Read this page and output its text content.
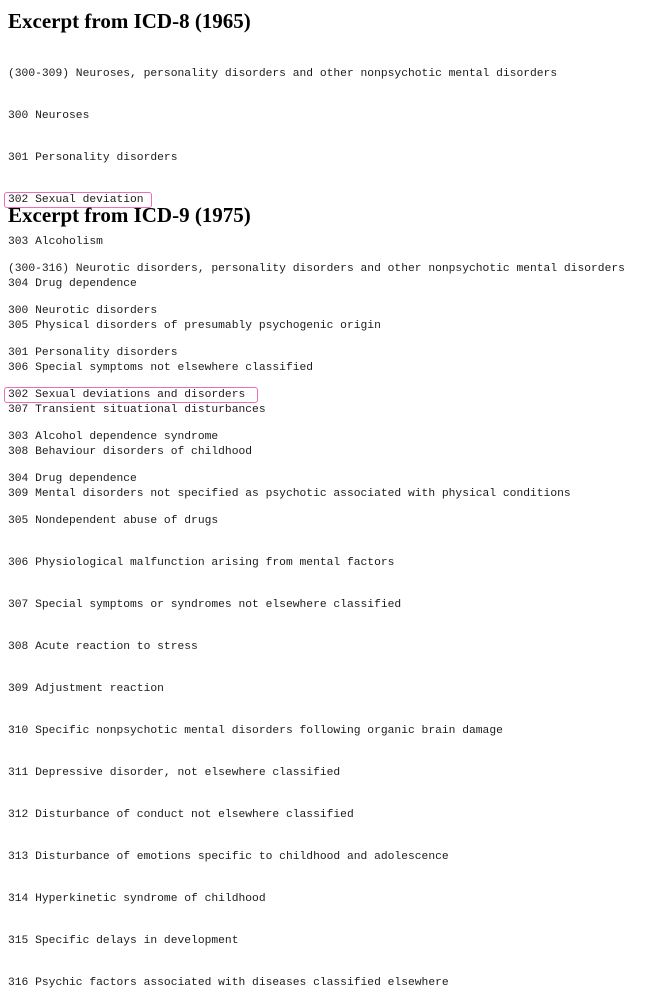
Excerpt from ICD-8 (1965)

(300-309) Neuroses, personality disorders and other nonpsychotic mental disorders

300 Neuroses

301 Personality disorders

302 Sexual deviation

303 Alcoholism

304 Drug dependence

305 Physical disorders of presumably psychogenic origin

306 Special symptoms not elsewhere classified

307 Transient situational disturbances

308 Behaviour disorders of childhood

309 Mental disorders not specified as psychotic associated with physical conditions

Excerpt from ICD-9 (1975)

(300-316) Neurotic disorders, personality disorders and other nonpsychotic mental disorders

300 Neurotic disorders

301 Personality disorders

302 Sexual deviations and disorders

303 Alcohol dependence syndrome

304 Drug dependence

305 Nondependent abuse of drugs

306 Physiological malfunction arising from mental factors

307 Special symptoms or syndromes not elsewhere classified

308 Acute reaction to stress

309 Adjustment reaction

310 Specific nonpsychotic mental disorders following organic brain damage

311 Depressive disorder, not elsewhere classified

312 Disturbance of conduct not elsewhere classified

313 Disturbance of emotions specific to childhood and adolescence

314 Hyperkinetic syndrome of childhood

315 Specific delays in development

316 Psychic factors associated with diseases classified elsewhere
